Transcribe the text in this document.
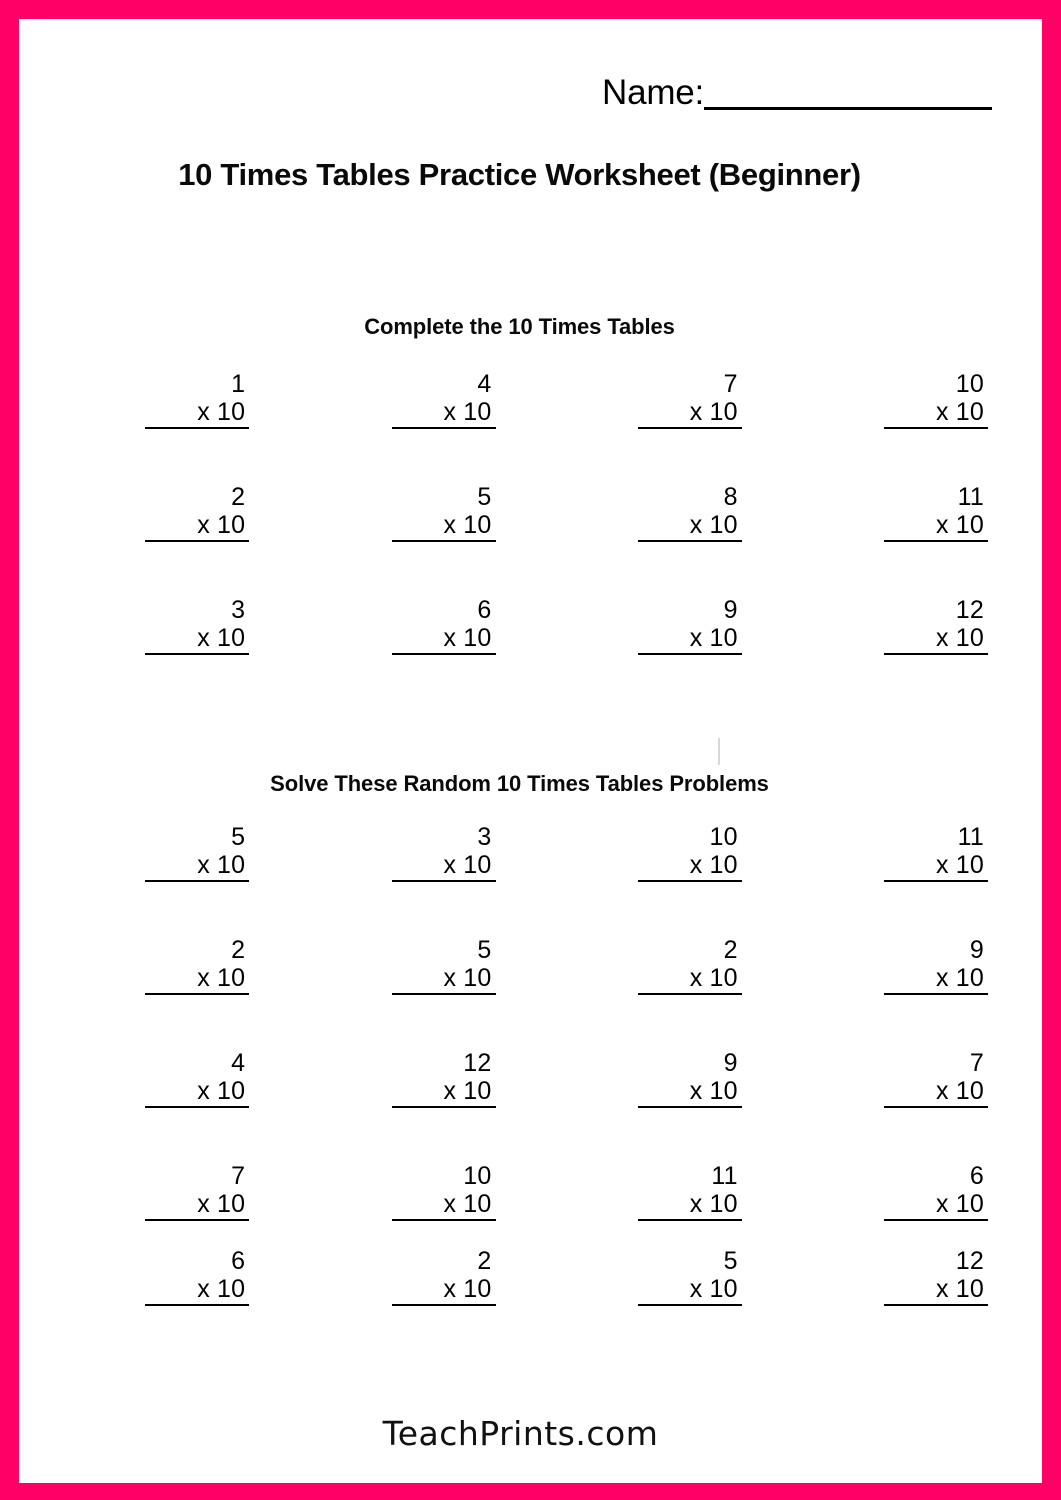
Name:
10 Times Tables Practice Worksheet (Beginner)
Complete the 10 Times Tables
1
x 10
4
x 10
7
x 10
10
x 10
2
x 10
5
x 10
8
x 10
11
x 10
3
x 10
6
x 10
9
x 10
12
x 10
Solve These Random 10 Times Tables Problems
5
x 10
3
x 10
10
x 10
11
x 10
2
x 10
5
x 10
2
x 10
9
x 10
4
x 10
12
x 10
9
x 10
7
x 10
7
x 10
10
x 10
11
x 10
6
x 10
6
x 10
2
x 10
5
x 10
12
x 10
TeachPrints.com
